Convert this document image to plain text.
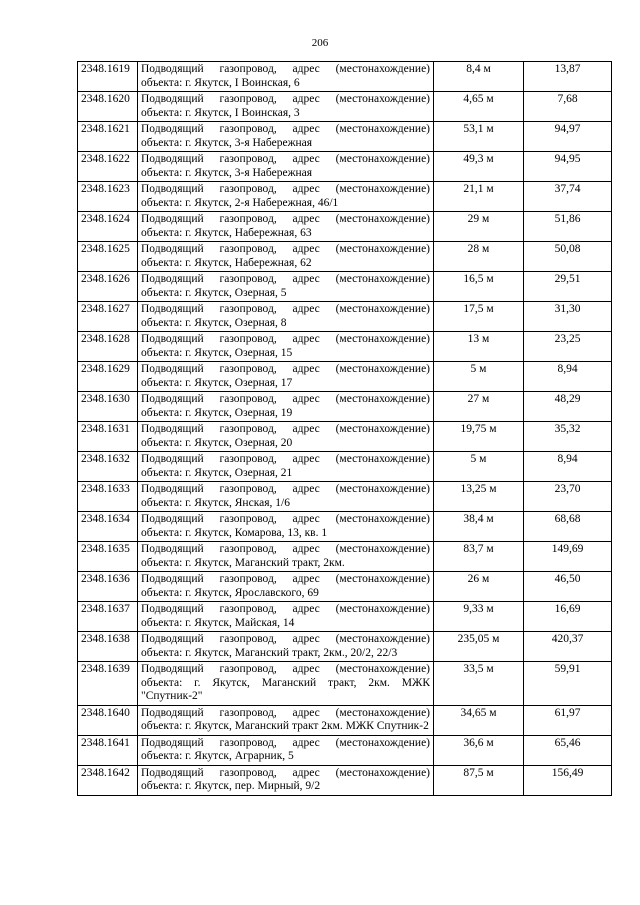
206
2348.1619	Подводящий газопровод, адрес (местонахождение) объекта: г. Якутск, I Воинская, 6	8,4 м	13,87
2348.1620	Подводящий газопровод, адрес (местонахождение) объекта: г. Якутск, I Воинская, 3	4,65 м	7,68
2348.1621	Подводящий газопровод, адрес (местонахождение) объекта: г. Якутск, 3-я Набережная	53,1 м	94,97
2348.1622	Подводящий газопровод, адрес (местонахождение) объекта: г. Якутск, 3-я Набережная	49,3 м	94,95
2348.1623	Подводящий газопровод, адрес (местонахождение) объекта: г. Якутск, 2-я Набережная, 46/1	21,1 м	37,74
2348.1624	Подводящий газопровод, адрес (местонахождение) объекта: г. Якутск, Набережная, 63	29 м	51,86
2348.1625	Подводящий газопровод, адрес (местонахождение) объекта: г. Якутск, Набережная, 62	28 м	50,08
2348.1626	Подводящий газопровод, адрес (местонахождение) объекта: г. Якутск, Озерная, 5	16,5 м	29,51
2348.1627	Подводящий газопровод, адрес (местонахождение) объекта: г. Якутск, Озерная, 8	17,5 м	31,30
2348.1628	Подводящий газопровод, адрес (местонахождение) объекта: г. Якутск, Озерная, 15	13 м	23,25
2348.1629	Подводящий газопровод, адрес (местонахождение) объекта: г. Якутск, Озерная, 17	5 м	8,94
2348.1630	Подводящий газопровод, адрес (местонахождение) объекта: г. Якутск, Озерная, 19	27 м	48,29
2348.1631	Подводящий газопровод, адрес (местонахождение) объекта: г. Якутск, Озерная, 20	19,75 м	35,32
2348.1632	Подводящий газопровод, адрес (местонахождение) объекта: г. Якутск, Озерная, 21	5 м	8,94
2348.1633	Подводящий газопровод, адрес (местонахождение) объекта: г. Якутск, Янская, 1/6	13,25 м	23,70
2348.1634	Подводящий газопровод, адрес (местонахождение) объекта: г. Якутск, Комарова, 13, кв. 1	38,4 м	68,68
2348.1635	Подводящий газопровод, адрес (местонахождение) объекта: г. Якутск, Маганский тракт, 2км.	83,7 м	149,69
2348.1636	Подводящий газопровод, адрес (местонахождение) объекта: г. Якутск, Ярославского, 69	26 м	46,50
2348.1637	Подводящий газопровод, адрес (местонахождение) объекта: г. Якутск, Майская, 14	9,33 м	16,69
2348.1638	Подводящий газопровод, адрес (местонахождение) объекта: г. Якутск, Маганский тракт, 2км., 20/2, 22/3	235,05 м	420,37
2348.1639	Подводящий газопровод, адрес (местонахождение) объекта: г. Якутск, Маганский тракт, 2км. МЖК "Спутник-2"	33,5 м	59,91
2348.1640	Подводящий газопровод, адрес (местонахождение) объекта: г. Якутск, Маганский тракт 2км. МЖК Спутник-2	34,65 м	61,97
2348.1641	Подводящий газопровод, адрес (местонахождение) объекта: г. Якутск, Аграрник, 5	36,6 м	65,46
2348.1642	Подводящий газопровод, адрес (местонахождение) объекта: г. Якутск, пер. Мирный, 9/2	87,5 м	156,49
